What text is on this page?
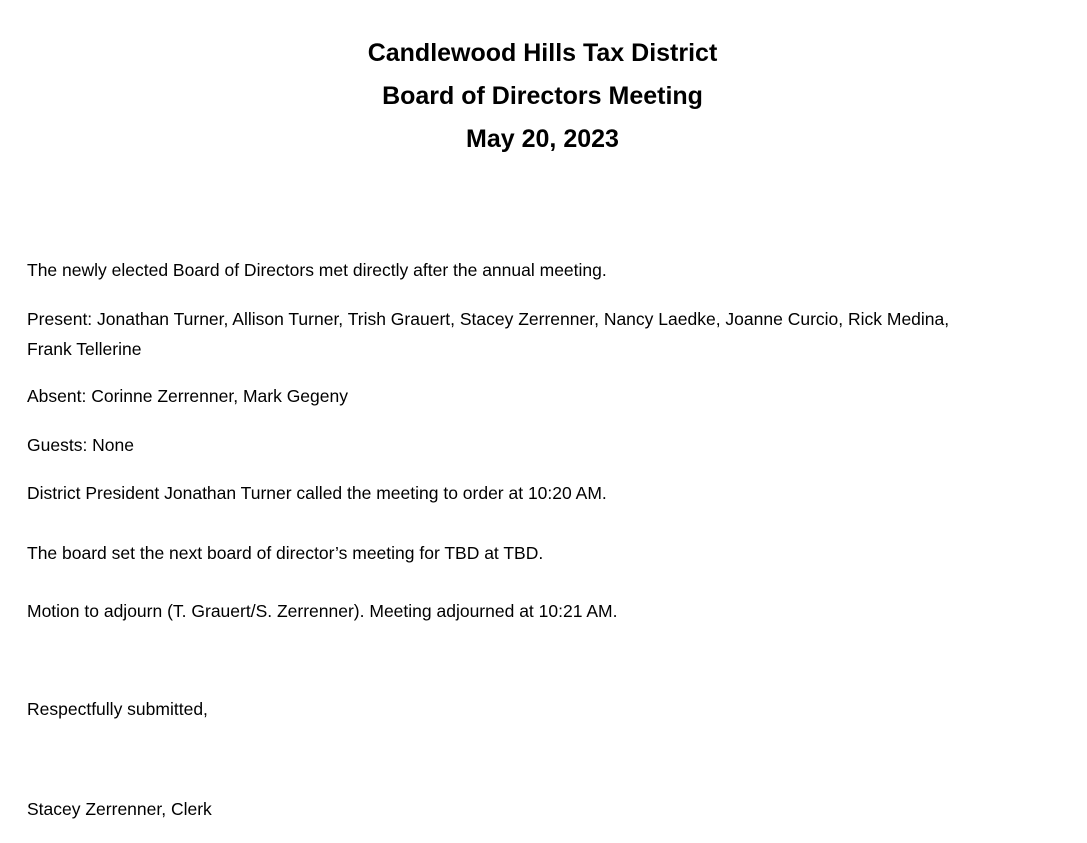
Candlewood Hills Tax District
Board of Directors Meeting
May 20, 2023
The newly elected Board of Directors met directly after the annual meeting.
Present: Jonathan Turner, Allison Turner, Trish Grauert, Stacey Zerrenner, Nancy Laedke, Joanne Curcio, Rick Medina,
Frank Tellerine
Absent: Corinne Zerrenner, Mark Gegeny
Guests: None
District President Jonathan Turner called the meeting to order at 10:20 AM.
The board set the next board of director’s meeting for TBD at TBD.
Motion to adjourn (T. Grauert/S. Zerrenner). Meeting adjourned at 10:21 AM.
Respectfully submitted,
Stacey Zerrenner, Clerk
